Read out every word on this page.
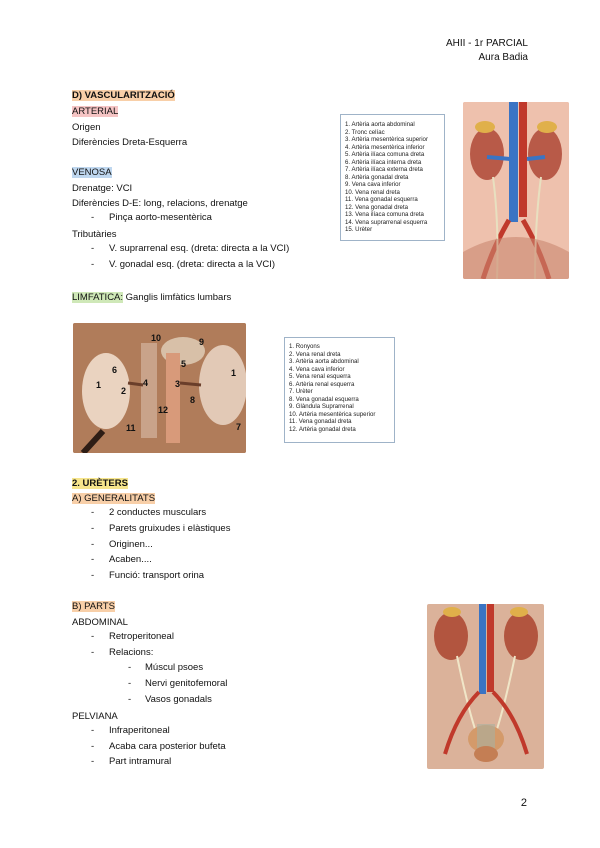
AHII - 1r PARCIAL
Aura Badia
D) VASCULARITZACIÓ
ARTERIAL
Origen
Diferències Dreta-Esquerra
VENOSA
Drenatge: VCI
Diferències D-E: long, relacions, drenatge
- Pinça aorto-mesentèrica
Tributàries
- V. suprarrenal esq. (dreta: directa a la VCI)
- V. gonadal esq. (dreta: directa a la VCI)
LIMFATICA: Ganglis limfàtics lumbars
1. Artèria aorta abdominal
2. Tronc celíac
3. Artèria mesentèrica superior
4. Artèria mesentèrica inferior
5. Artèria ilíaca comuna dreta
6. Artèria ilíaca interna dreta
7. Artèria ilíaca externa dreta
8. Artèria gonadal dreta
9. Vena cava inferior
10. Vena renal dreta
11. Vena gonadal esquerra
12. Vena gonadal dreta
13. Vena ilíaca comuna dreta
14. Vena suprarrenal esquerra
15. Urèter
10	9
5
6
4	3
1
1
2
8
12
11	7
1. Ronyons
2. Vena renal dreta
3. Artèria aorta abdominal
4. Vena cava inferior
5. Vena renal esquerra
6. Artèria renal esquerra
7. Urèter
8. Vena gonadal esquerra
9. Glàndula Suprarrenal
10. Artèria mesentèrica superior
11. Vena gonadal dreta
12. Artèria gonadal dreta
2. URÈTERS
A) GENERALITATS
- 2 conductes musculars
- Parets gruixudes i elàstiques
- Originen...
- Acaben....
- Funció: transport orina
B) PARTS
ABDOMINAL
- Retroperitoneal
- Relacions:
- Múscul psoes
- Nervi genitofemoral
- Vasos gonadals
PELVIANA
- Infraperitoneal
- Acaba cara posterior bufeta
- Part intramural
2
